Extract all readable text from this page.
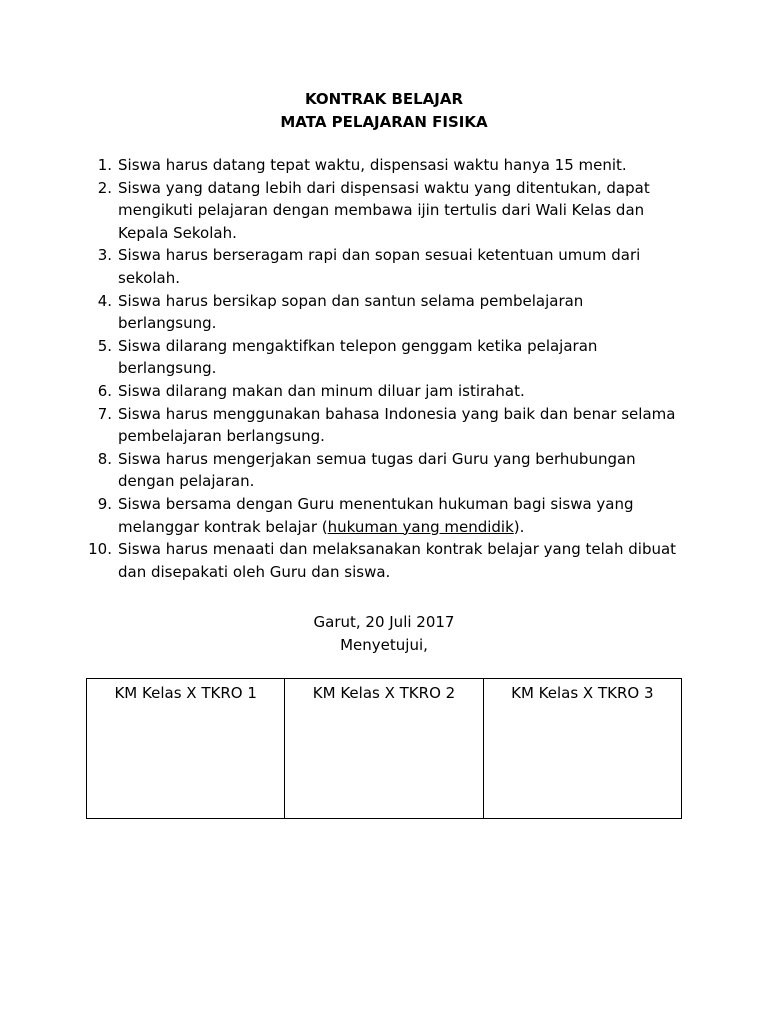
KONTRAK BELAJAR
MATA PELAJARAN FISIKA
1. Siswa harus datang tepat waktu, dispensasi waktu hanya 15 menit.
2. Siswa yang datang lebih dari dispensasi waktu yang ditentukan, dapat mengikuti pelajaran dengan membawa ijin tertulis dari Wali Kelas dan Kepala Sekolah.
3. Siswa harus berseragam rapi dan sopan sesuai ketentuan umum dari sekolah.
4. Siswa harus bersikap sopan dan santun selama pembelajaran berlangsung.
5. Siswa dilarang mengaktifkan telepon genggam ketika pelajaran berlangsung.
6. Siswa dilarang makan dan minum diluar jam istirahat.
7. Siswa harus menggunakan bahasa Indonesia yang baik dan benar selama pembelajaran berlangsung.
8. Siswa harus mengerjakan semua tugas dari Guru yang berhubungan dengan pelajaran.
9. Siswa bersama dengan Guru menentukan hukuman bagi siswa yang melanggar kontrak belajar (hukuman yang mendidik).
10. Siswa harus menaati dan melaksanakan kontrak belajar yang telah dibuat dan disepakati oleh Guru dan siswa.
Garut, 20 Juli 2017
Menyetujui,
KM Kelas X TKRO 1	KM Kelas X TKRO 2	KM Kelas X TKRO 3
